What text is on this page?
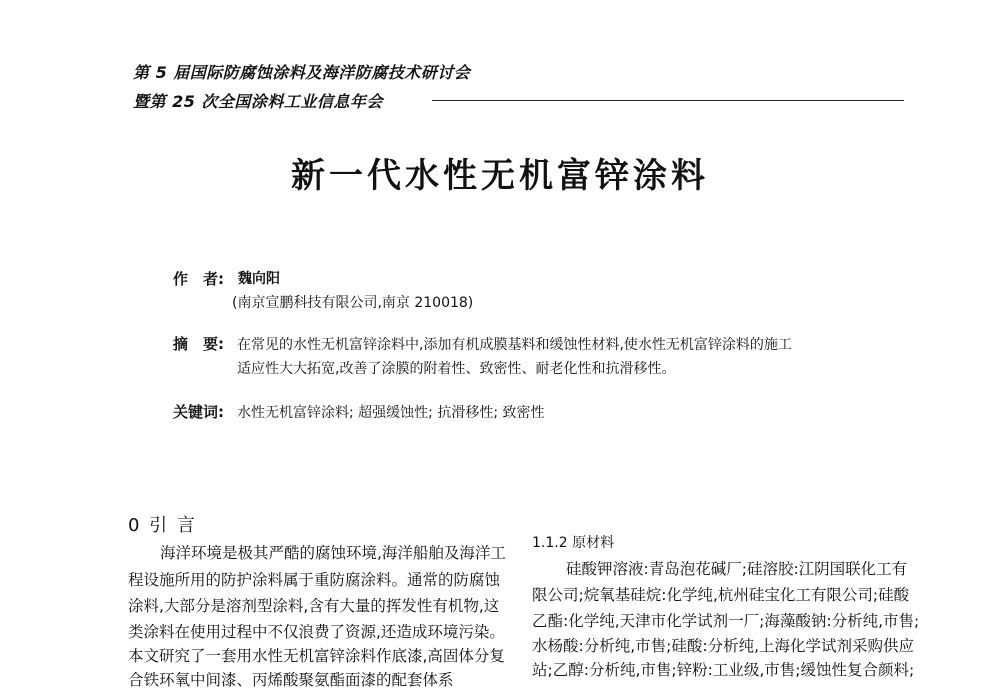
第 5 届国际防腐蚀涂料及海洋防腐技术研讨会
暨第 25 次全国涂料工业信息年会
新一代水性无机富锌涂料
作　者: 魏向阳
(南京宣鹏科技有限公司,南京 210018)
摘　要: 在常见的水性无机富锌涂料中,添加有机成膜基料和缓蚀性材料,使水性无机富锌涂料的施工
适应性大大拓宽,改善了涂膜的附着性、致密性、耐老化性和抗滑移性。
关键词: 水性无机富锌涂料; 超强缓蚀性; 抗滑移性; 致密性
0 引 言
海洋环境是极其严酷的腐蚀环境,海洋船舶及海洋工
程设施所用的防护涂料属于重防腐涂料。通常的防腐蚀
涂料,大部分是溶剂型涂料,含有大量的挥发性有机物,这
类涂料在使用过程中不仅浪费了资源,还造成环境污染。
本文研究了一套用水性无机富锌涂料作底漆,高固体分复
合铁环氧中间漆、丙烯酸聚氨酯面漆的配套体系
1.1.2 原材料
硅酸钾溶液:青岛泡花碱厂;硅溶胶:江阴国联化工有
限公司;烷氧基硅烷:化学纯,杭州硅宝化工有限公司;硅酸
乙酯:化学纯,天津市化学试剂一厂;海藻酸钠:分析纯,市售;
水杨酸:分析纯,市售;硅酸:分析纯,上海化学试剂采购供应
站;乙醇:分析纯,市售;锌粉:工业级,市售;缓蚀性复合颜料;
